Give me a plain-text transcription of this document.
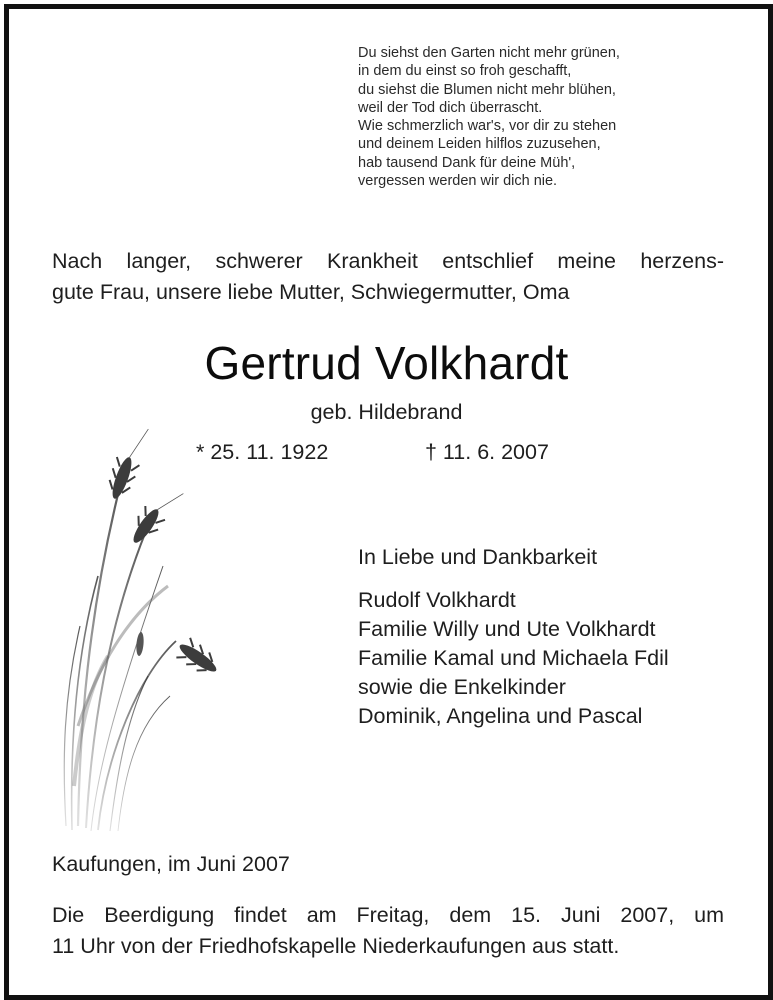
Du siehst den Garten nicht mehr grünen,
in dem du einst so froh geschafft,
du siehst die Blumen nicht mehr blühen,
weil der Tod dich überrascht.
Wie schmerzlich war's, vor dir zu stehen
und deinem Leiden hilflos zuzusehen,
hab tausend Dank für deine Müh',
vergessen werden wir dich nie.
Nach langer, schwerer Krankheit entschlief meine herzens-
gute Frau, unsere liebe Mutter, Schwiegermutter, Oma
Gertrud Volkhardt
geb. Hildebrand
* 25. 11. 1922	† 11. 6. 2007
In Liebe und Dankbarkeit
Rudolf Volkhardt
Familie Willy und Ute Volkhardt
Familie Kamal und Michaela Fdil
sowie die Enkelkinder
Dominik, Angelina und Pascal
Kaufungen, im Juni 2007
Die Beerdigung findet am Freitag, dem 15. Juni 2007, um
11 Uhr von der Friedhofskapelle Niederkaufungen aus statt.
